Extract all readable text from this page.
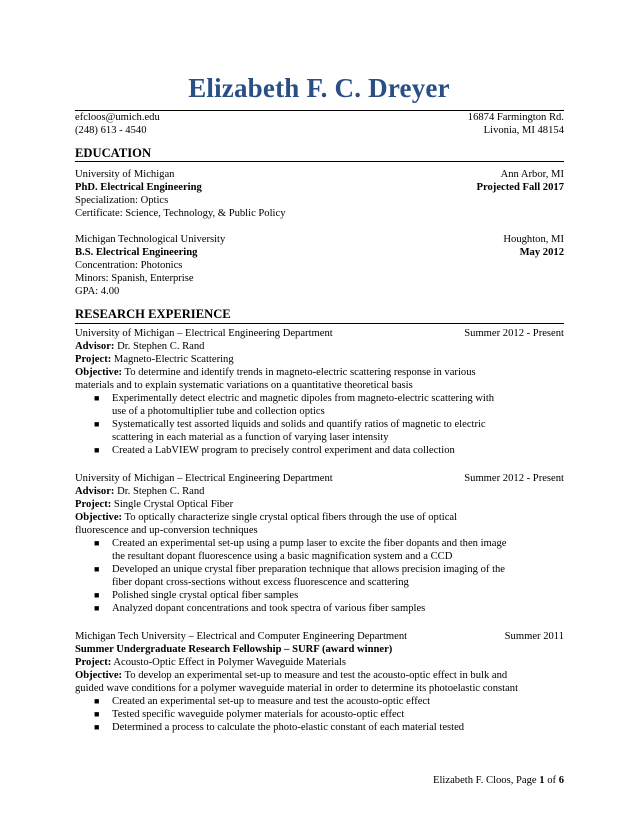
Elizabeth F. C. Dreyer
efcloos@umich.edu	16874 Farmington Rd.
(248) 613 - 4540	Livonia, MI 48154
EDUCATION
University of Michigan	Ann Arbor, MI
PhD. Electrical Engineering	Projected Fall 2017
Specialization: Optics
Certificate: Science, Technology, & Public Policy
Michigan Technological University	Houghton, MI
B.S. Electrical Engineering	May 2012
Concentration: Photonics
Minors: Spanish, Enterprise
GPA: 4.00
RESEARCH EXPERIENCE
University of Michigan – Electrical Engineering Department	Summer 2012 - Present
Advisor: Dr. Stephen C. Rand
Project: Magneto-Electric Scattering
Objective: To determine and identify trends in magneto-electric scattering response in various
materials and to explain systematic variations on a quantitative theoretical basis
■ Experimentally detect electric and magnetic dipoles from magneto-electric scattering with
use of a photomultiplier tube and collection optics
■ Systematically test assorted liquids and solids and quantify ratios of magnetic to electric
scattering in each material as a function of varying laser intensity
■ Created a LabVIEW program to precisely control experiment and data collection
University of Michigan – Electrical Engineering Department	Summer 2012 - Present
Advisor: Dr. Stephen C. Rand
Project: Single Crystal Optical Fiber
Objective: To optically characterize single crystal optical fibers through the use of optical
fluorescence and up-conversion techniques
■ Created an experimental set-up using a pump laser to excite the fiber dopants and then image
the resultant dopant fluorescence using a basic magnification system and a CCD
■ Developed an unique crystal fiber preparation technique that allows precision imaging of the
fiber dopant cross-sections without excess fluorescence and scattering
■ Polished single crystal optical fiber samples
■ Analyzed dopant concentrations and took spectra of various fiber samples
Michigan Tech University – Electrical and Computer Engineering Department	Summer 2011
Summer Undergraduate Research Fellowship – SURF (award winner)
Project: Acousto-Optic Effect in Polymer Waveguide Materials
Objective: To develop an experimental set-up to measure and test the acousto-optic effect in bulk and
guided wave conditions for a polymer waveguide material in order to determine its photoelastic constant
■ Created an experimental set-up to measure and test the acousto-optic effect
■ Tested specific waveguide polymer materials for acousto-optic effect
■ Determined a process to calculate the photo-elastic constant of each material tested
Elizabeth F. Cloos, Page 1 of 6
